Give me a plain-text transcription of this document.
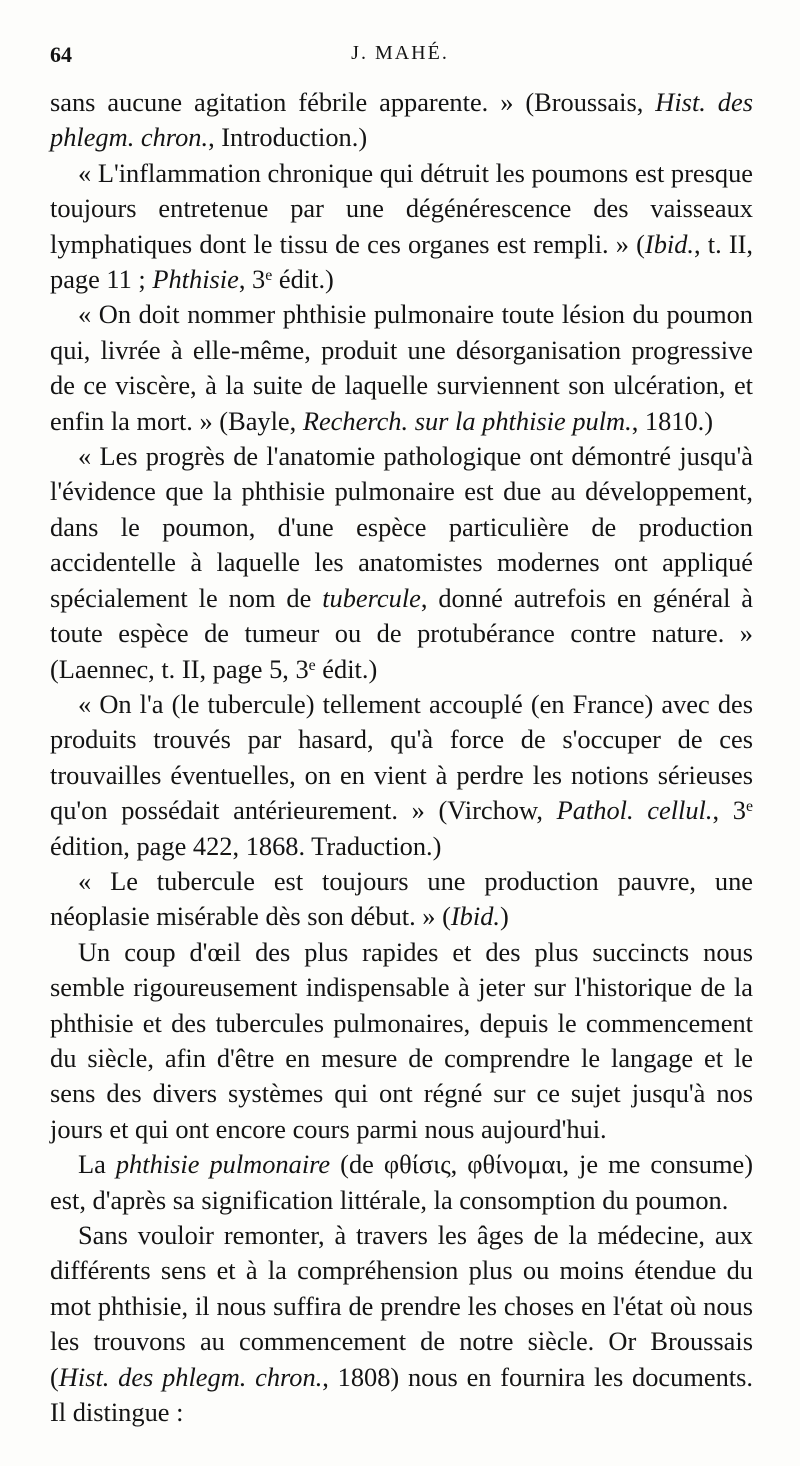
64	J. MAHÉ.

sans aucune agitation fébrile apparente. » (Broussais, Hist. des phlegm. chron., Introduction.)

« L'inflammation chronique qui détruit les poumons est presque toujours entretenue par une dégénérescence des vaisseaux lymphatiques dont le tissu de ces organes est rempli. » (Ibid., t. II, page 11 ; Phthisie, 3e édit.)

« On doit nommer phthisie pulmonaire toute lésion du poumon qui, livrée à elle-même, produit une désorganisation progressive de ce viscère, à la suite de laquelle surviennent son ulcération, et enfin la mort. » (Bayle, Recherch. sur la phthisie pulm., 1810.)

« Les progrès de l'anatomie pathologique ont démontré jusqu'à l'évidence que la phthisie pulmonaire est due au développement, dans le poumon, d'une espèce particulière de production accidentelle à laquelle les anatomistes modernes ont appliqué spécialement le nom de tubercule, donné autrefois en général à toute espèce de tumeur ou de protubérance contre nature. » (Laennec, t. II, page 5, 3e édit.)

« On l'a (le tubercule) tellement accouplé (en France) avec des produits trouvés par hasard, qu'à force de s'occuper de ces trouvailles éventuelles, on en vient à perdre les notions sérieuses qu'on possédait antérieurement. » (Virchow, Pathol. cellul., 3e édition, page 422, 1868. Traduction.)

« Le tubercule est toujours une production pauvre, une néoplasie misérable dès son début. » (Ibid.)

Un coup d'œil des plus rapides et des plus succincts nous semble rigoureusement indispensable à jeter sur l'historique de la phthisie et des tubercules pulmonaires, depuis le commencement du siècle, afin d'être en mesure de comprendre le langage et le sens des divers systèmes qui ont régné sur ce sujet jusqu'à nos jours et qui ont encore cours parmi nous aujourd'hui.

La phthisie pulmonaire (de φθίσις, φθίνομαι, je me consume) est, d'après sa signification littérale, la consomption du poumon.

Sans vouloir remonter, à travers les âges de la médecine, aux différents sens et à la compréhension plus ou moins étendue du mot phthisie, il nous suffira de prendre les choses en l'état où nous les trouvons au commencement de notre siècle. Or Broussais (Hist. des phlegm. chron., 1808) nous en fournira les documents. Il distingue :
